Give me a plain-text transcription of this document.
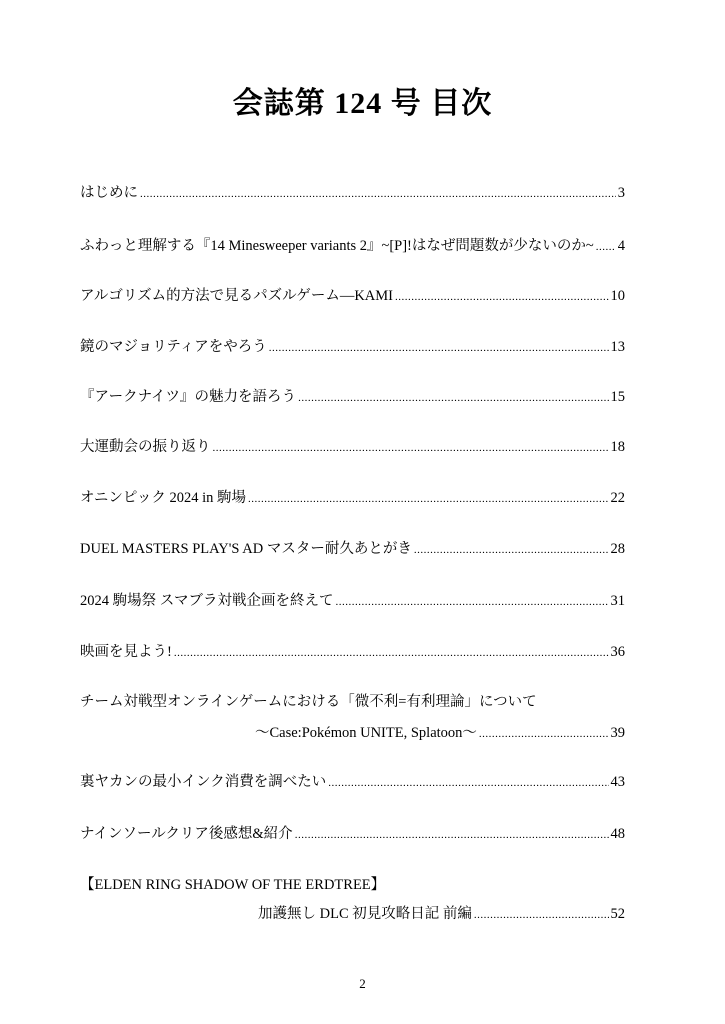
会誌第 124 号 目次
はじめに .....	3
ふわっと理解する『14 Minesweeper variants 2』~[P]!はなぜ問題数が少ないのか~ ..... 4
アルゴリズム的方法で見るパズルゲーム―KAMI .....	10
鏡のマジョリティアをやろう .....	13
『アークナイツ』の魅力を語ろう .....	15
大運動会の振り返り .....	18
オニンピック 2024 in 駒場 .....	22
DUEL MASTERS PLAY'S AD マスター耐久あとがき .....	28
2024 駒場祭 スマブラ対戦企画を終えて .....	31
映画を見よう! .....	36
チーム対戦型オンラインゲームにおける「微不利=有利理論」について
〜Case:Pokémon UNITE, Splatoon〜 .....	39
裏ヤカンの最小インク消費を調べたい .....	43
ナインソールクリア後感想&紹介 .....	48
【ELDEN RING SHADOW OF THE ERDTREE】
加護無し DLC 初見攻略日記 前編 .....	52
2
